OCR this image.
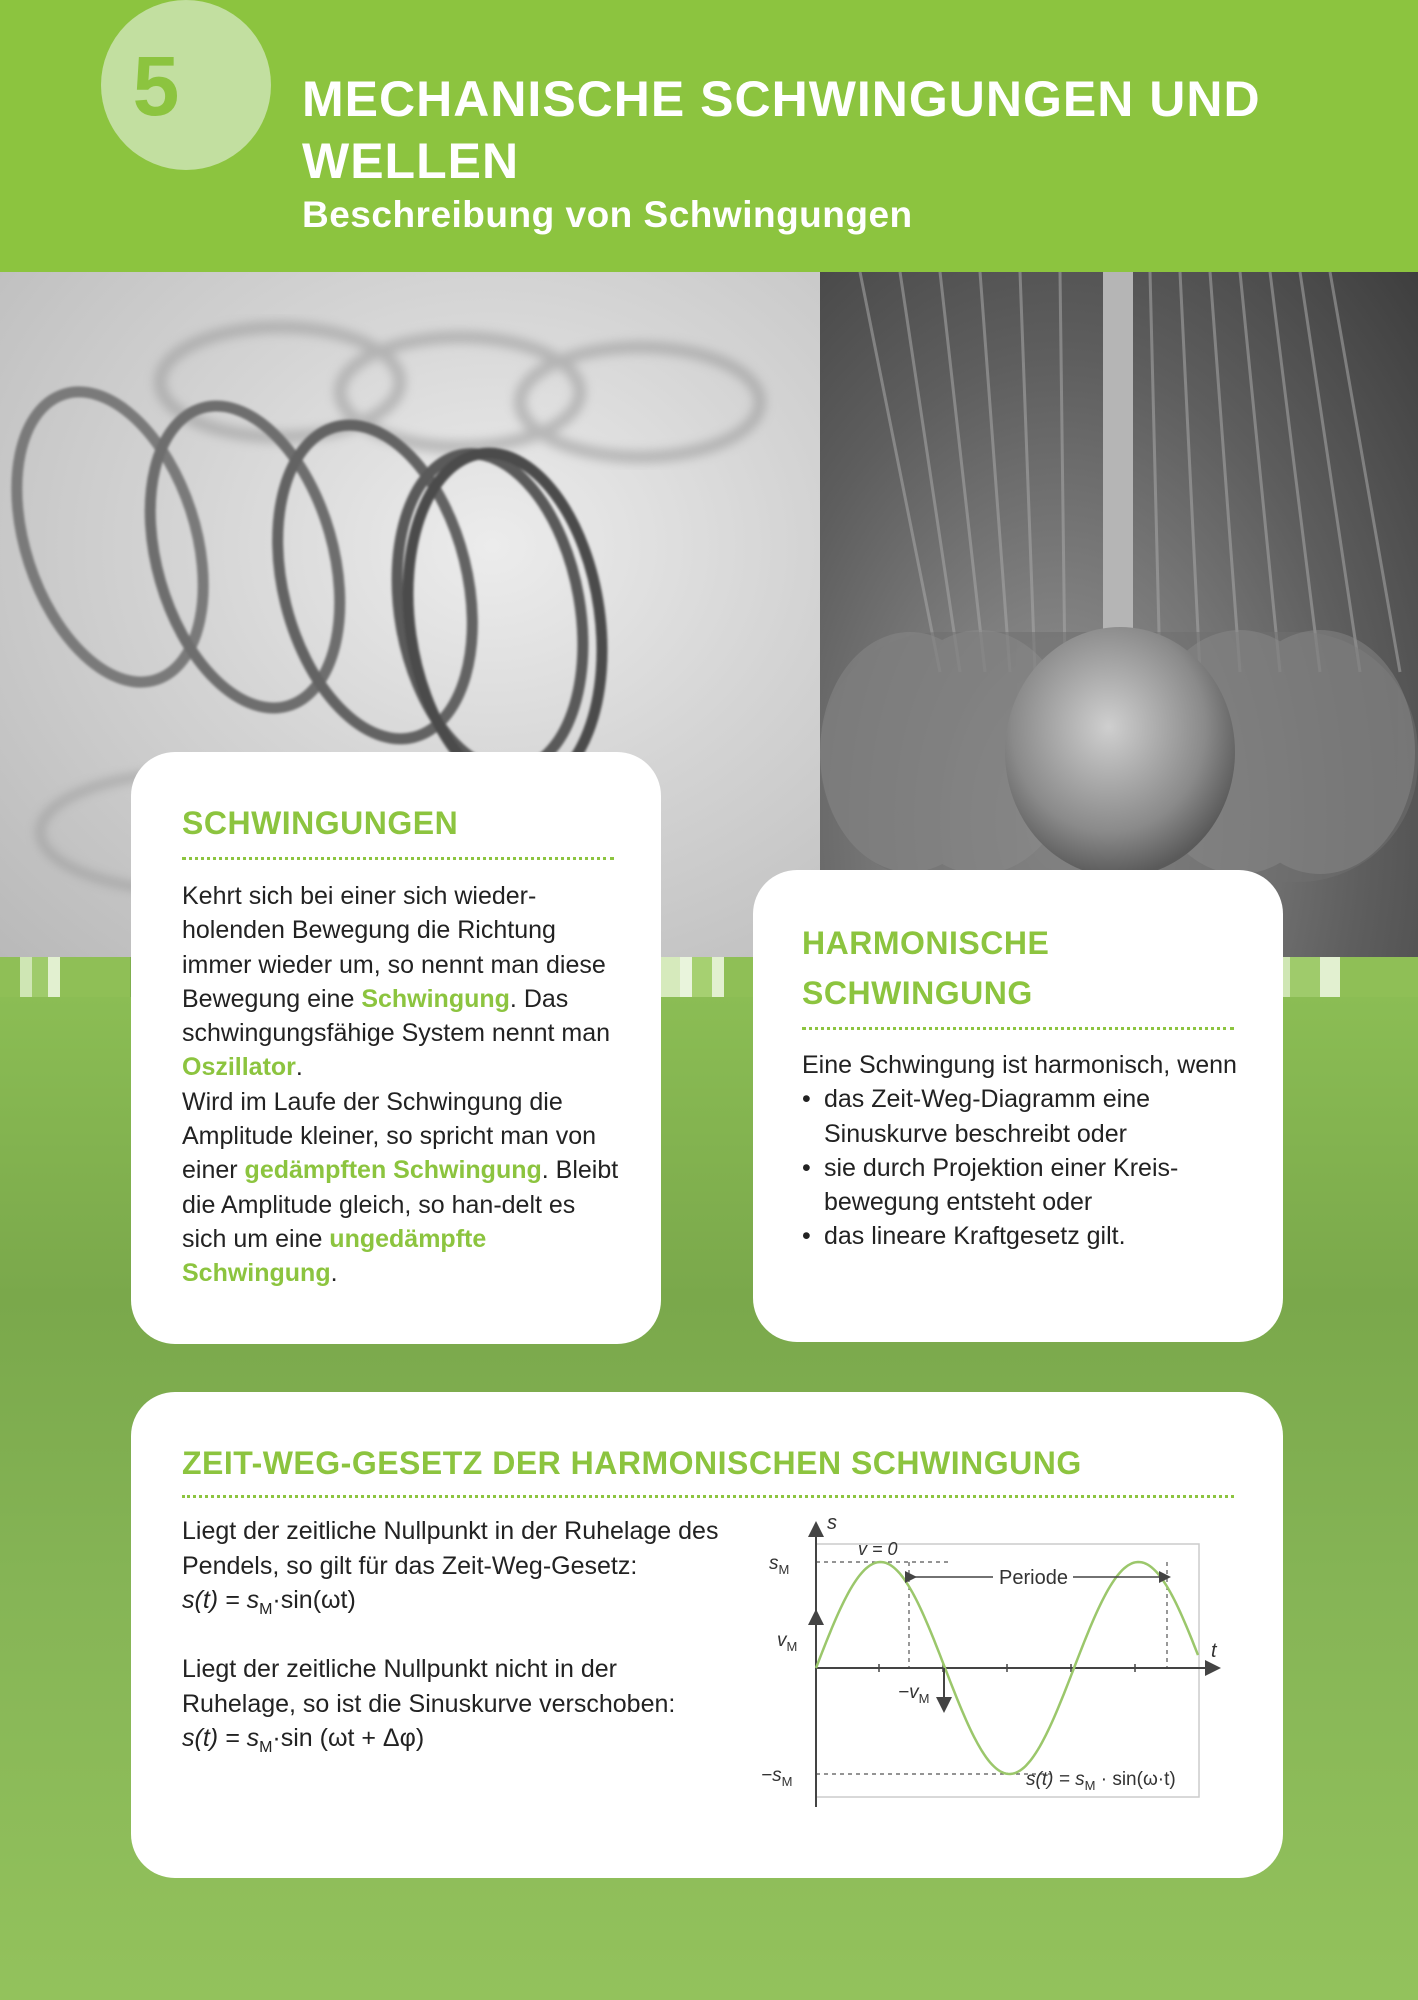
5	MECHANISCHE SCHWINGUNGEN UND WELLEN
Beschreibung von Schwingungen
SCHWINGUNGEN
Kehrt sich bei einer sich wieder-holenden Bewegung die Richtung immer wieder um, so nennt man diese Bewegung eine Schwingung. Das schwingungsfähige System nennt man Oszillator.
Wird im Laufe der Schwingung die Amplitude kleiner, so spricht man von einer gedämpften Schwingung. Bleibt die Amplitude gleich, so han-delt es sich um eine ungedämpfte Schwingung.
HARMONISCHE
SCHWINGUNG
Eine Schwingung ist harmonisch, wenn
• das Zeit-Weg-Diagramm eine Sinuskurve beschreibt oder
• sie durch Projektion einer Kreis-bewegung entsteht oder
• das lineare Kraftgesetz gilt.
ZEIT-WEG-GESETZ DER HARMONISCHEN SCHWINGUNG
Liegt der zeitliche Nullpunkt in der Ruhelage des Pendels, so gilt für das Zeit-Weg-Gesetz:
$s(t) = s_M\cdot\sin(\omega t)$
Liegt der zeitliche Nullpunkt nicht in der Ruhelage, so ist die Sinuskurve verschoben:
$s(t) = s_M\cdot\sin$ (ωt + Δφ)
s
t
$s_M$
$-s_M$
$v_M$
$-v_M$
v = 0
Periode
$s(t) = s_M \cdot \sin(\omega\cdot t)$
